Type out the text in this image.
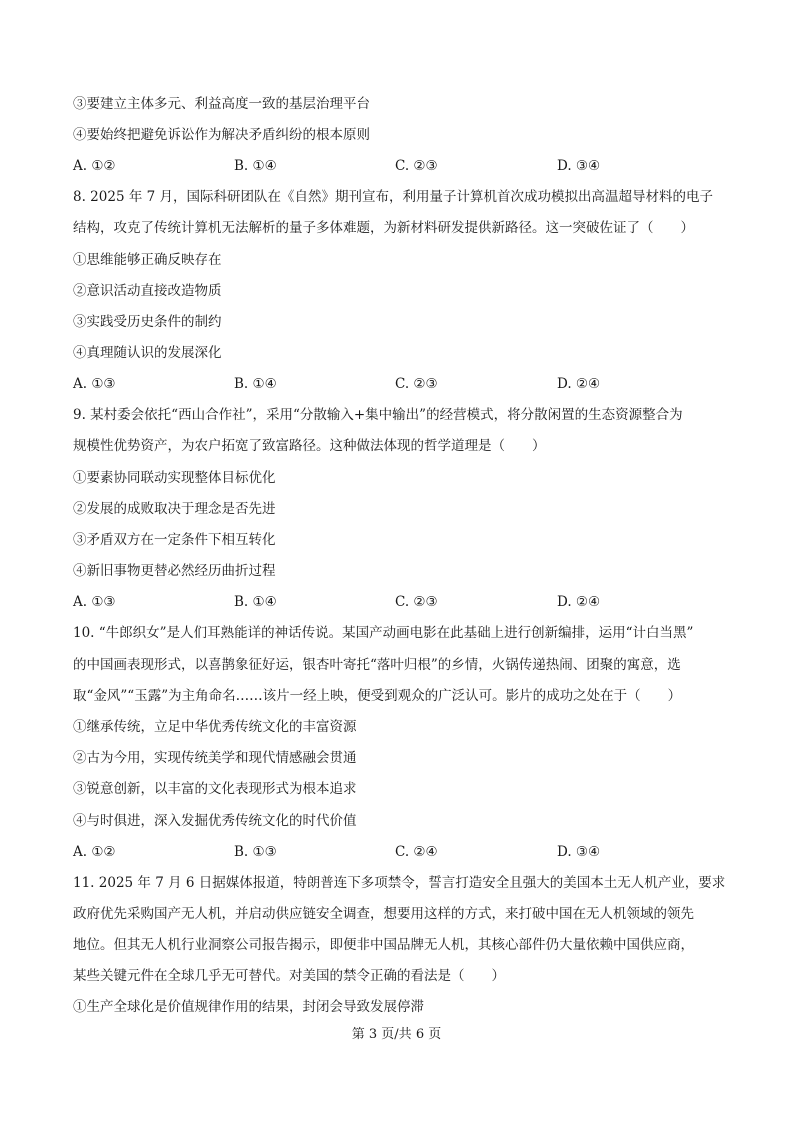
③要建立主体多元、利益高度一致的基层治理平台
④要始终把避免诉讼作为解决矛盾纠纷的根本原则
A. ①②	B. ①④	C. ②③	D. ③④
8. 2025 年 7 月，国际科研团队在《自然》期刊宣布，利用量子计算机首次成功模拟出高温超导材料的电子
结构，攻克了传统计算机无法解析的量子多体难题，为新材料研发提供新路径。这一突破佐证了（　　）
①思维能够正确反映存在
②意识活动直接改造物质
③实践受历史条件的制约
④真理随认识的发展深化
A. ①③	B. ①④	C. ②③	D. ②④
9. 某村委会依托“西山合作社”，采用“分散输入+集中输出”的经营模式，将分散闲置的生态资源整合为
规模性优势资产，为农户拓宽了致富路径。这种做法体现的哲学道理是（　　）
①要素协同联动实现整体目标优化
②发展的成败取决于理念是否先进
③矛盾双方在一定条件下相互转化
④新旧事物更替必然经历曲折过程
A. ①③	B. ①④	C. ②③	D. ②④
10. “牛郎织女”是人们耳熟能详的神话传说。某国产动画电影在此基础上进行创新编排，运用“计白当黑”
的中国画表现形式，以喜鹊象征好运，银杏叶寄托“落叶归根”的乡情，火锅传递热闹、团聚的寓意，选
取“金风”“玉露”为主角命名……该片一经上映，便受到观众的广泛认可。影片的成功之处在于（　　）
①继承传统，立足中华优秀传统文化的丰富资源
②古为今用，实现传统美学和现代情感融会贯通
③锐意创新，以丰富的文化表现形式为根本追求
④与时俱进，深入发掘优秀传统文化的时代价值
A. ①②	B. ①③	C. ②④	D. ③④
11. 2025 年 7 月 6 日据媒体报道，特朗普连下多项禁令，誓言打造安全且强大的美国本土无人机产业，要求
政府优先采购国产无人机，并启动供应链安全调查，想要用这样的方式，来打破中国在无人机领域的领先
地位。但其无人机行业洞察公司报告揭示，即便非中国品牌无人机，其核心部件仍大量依赖中国供应商，
某些关键元件在全球几乎无可替代。对美国的禁令正确的看法是（　　）
①生产全球化是价值规律作用的结果，封闭会导致发展停滞
第 3 页/共 6 页
